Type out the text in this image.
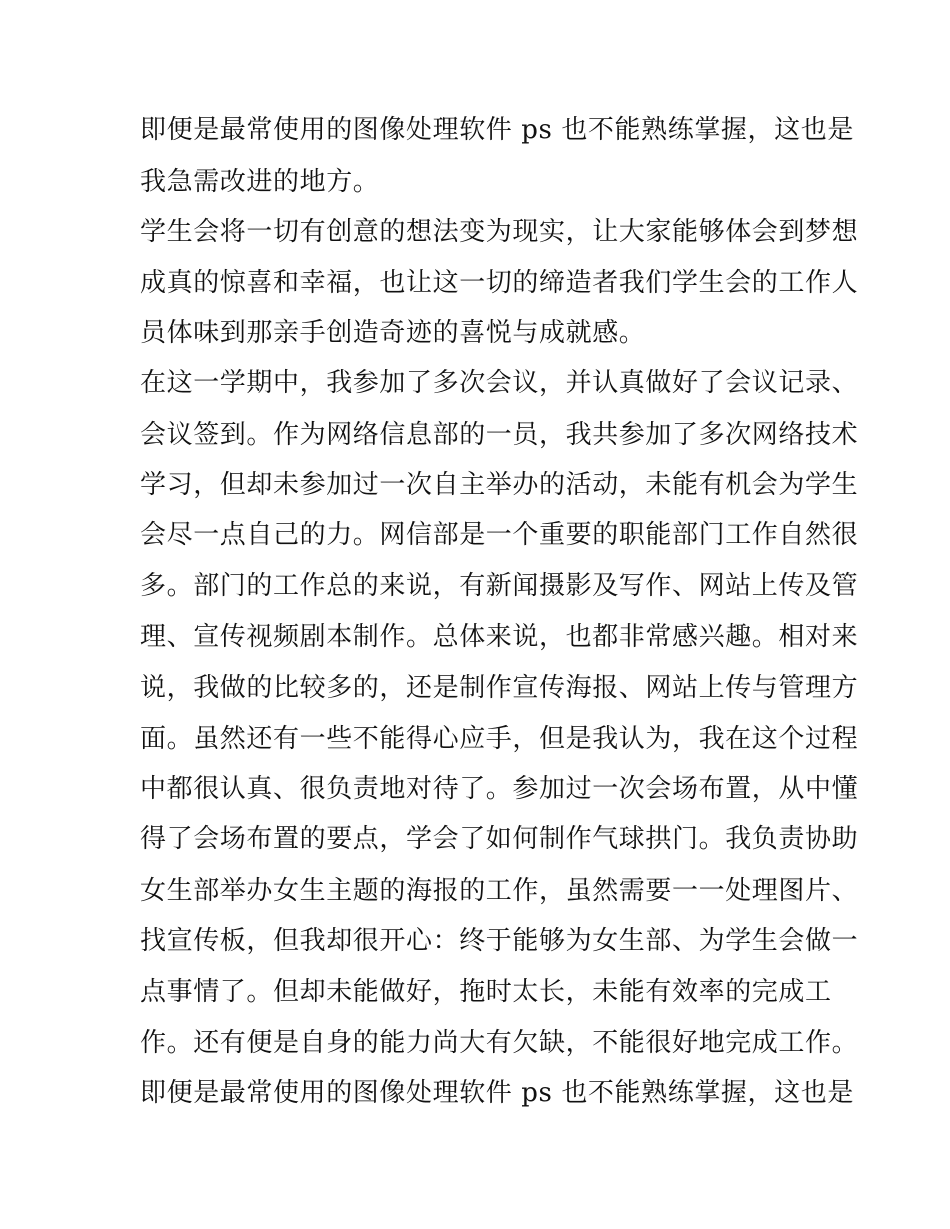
即便是最常使用的图像处理软件 ps 也不能熟练掌握，这也是
我急需改进的地方。
学生会将一切有创意的想法变为现实，让大家能够体会到梦想
成真的惊喜和幸福，也让这一切的缔造者我们学生会的工作人
员体味到那亲手创造奇迹的喜悦与成就感。
在这一学期中，我参加了多次会议，并认真做好了会议记录、
会议签到。作为网络信息部的一员，我共参加了多次网络技术
学习，但却未参加过一次自主举办的活动，未能有机会为学生
会尽一点自己的力。网信部是一个重要的职能部门工作自然很
多。部门的工作总的来说，有新闻摄影及写作、网站上传及管
理、宣传视频剧本制作。总体来说，也都非常感兴趣。相对来
说，我做的比较多的，还是制作宣传海报、网站上传与管理方
面。虽然还有一些不能得心应手，但是我认为，我在这个过程
中都很认真、很负责地对待了。参加过一次会场布置，从中懂
得了会场布置的要点，学会了如何制作气球拱门。我负责协助
女生部举办女生主题的海报的工作，虽然需要一一处理图片、
找宣传板，但我却很开心：终于能够为女生部、为学生会做一
点事情了。但却未能做好，拖时太长，未能有效率的完成工
作。还有便是自身的能力尚大有欠缺，不能很好地完成工作。
即便是最常使用的图像处理软件 ps 也不能熟练掌握，这也是
